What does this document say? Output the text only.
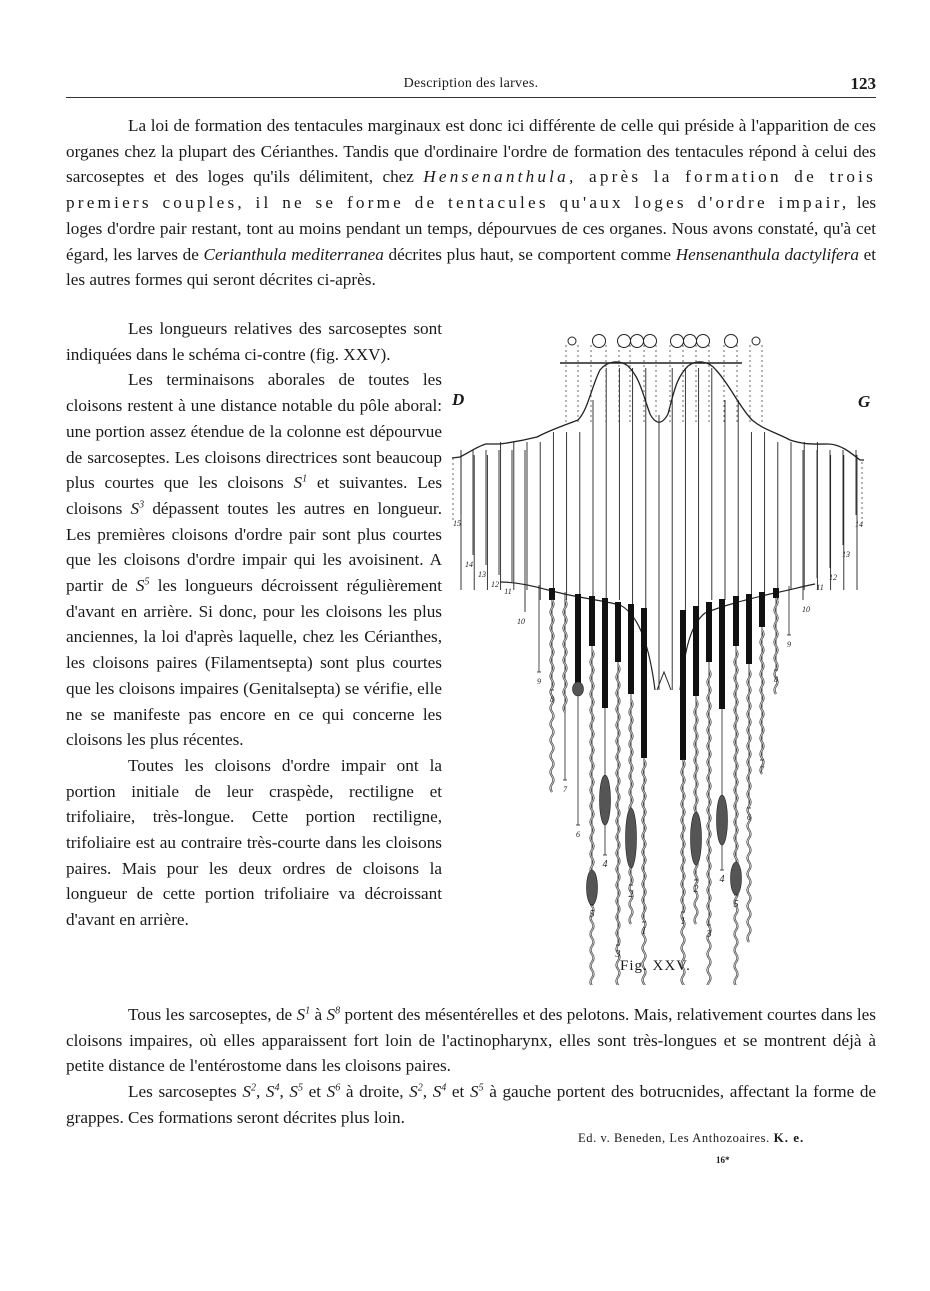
Description des larves.	123

La loi de formation des tentacules marginaux est donc ici différente de celle qui préside à l'apparition de ces organes chez la plupart des Cérianthes. Tandis que d'ordinaire l'ordre de formation des tentacules répond à celui des sarcoseptes et des loges qu'ils délimitent, chez Hensenanthula, après la formation de trois premiers couples, il ne se forme de tentacules qu'aux loges d'ordre impair, les loges d'ordre pair restant, tont au moins pendant un temps, dépourvues de ces organes. Nous avons constaté, qu'à cet égard, les larves de Cerianthula mediterranea décrites plus haut, se comportent comme Hensenanthula dactylifera et les autres formes qui seront décrites ci-après.

Les longueurs relatives des sarcoseptes sont indiquées dans le schéma ci-contre (fig. XXV).

Les terminaisons aborales de toutes les cloisons restent à une distance notable du pôle aboral: une portion assez étendue de la colonne est dépourvue de sarcoseptes. Les cloisons directrices sont beaucoup plus courtes que les cloisons $S^1$ et suivantes. Les cloisons $S^3$ dépassent toutes les autres en longueur. Les premières cloisons d'ordre pair sont plus courtes que les cloisons d'ordre impair qui les avoisinent. A partir de $S^5$ les longueurs décroissent régulièrement d'avant en arrière. Si donc, pour les cloisons les plus anciennes, la loi d'après laquelle, chez les Cérianthes, les cloisons paires (Filamentsepta) sont plus courtes que les cloisons impaires (Genitalsepta) se vérifie, elle ne se manifeste pas encore en ce qui concerne les cloisons les plus récentes.

Toutes les cloisons d'ordre impair ont la portion initiale de leur craspède, rectiligne et trifoliaire, très-longue. Cette portion rectiligne, trifoliaire est au contraire très-courte dans les cloisons paires. Mais pour les deux ordres de cloisons la longueur de cette portion trifoliaire va décroissant d'avant en arrière.

Tous les sarcoseptes, de $S^1$ à $S^8$ portent des mésentérelles et des pelotons. Mais, relativement courtes dans les cloisons impaires, où elles apparaissent fort loin de l'actinopharynx, elles sont très-longues et se montrent déjà à petite distance de l'entérostome dans les cloisons paires.

Les sarcoseptes $S^2$, $S^4$, $S^5$ et $S^6$ à droite, $S^2$, $S^4$ et $S^5$ à gauche portent des botrucnides, affectant la forme de grappes. Ces formations seront décrites plus loin.

Ed. v. Beneden, Les Anthozoaires. K. e.
16*
D	G
15
14
13
12
11
10
14
13
12
11
10
9
8
7
6
5
4
3
2
1
1
2
3
4
5
6
7
8
9
Fig. XXV.
